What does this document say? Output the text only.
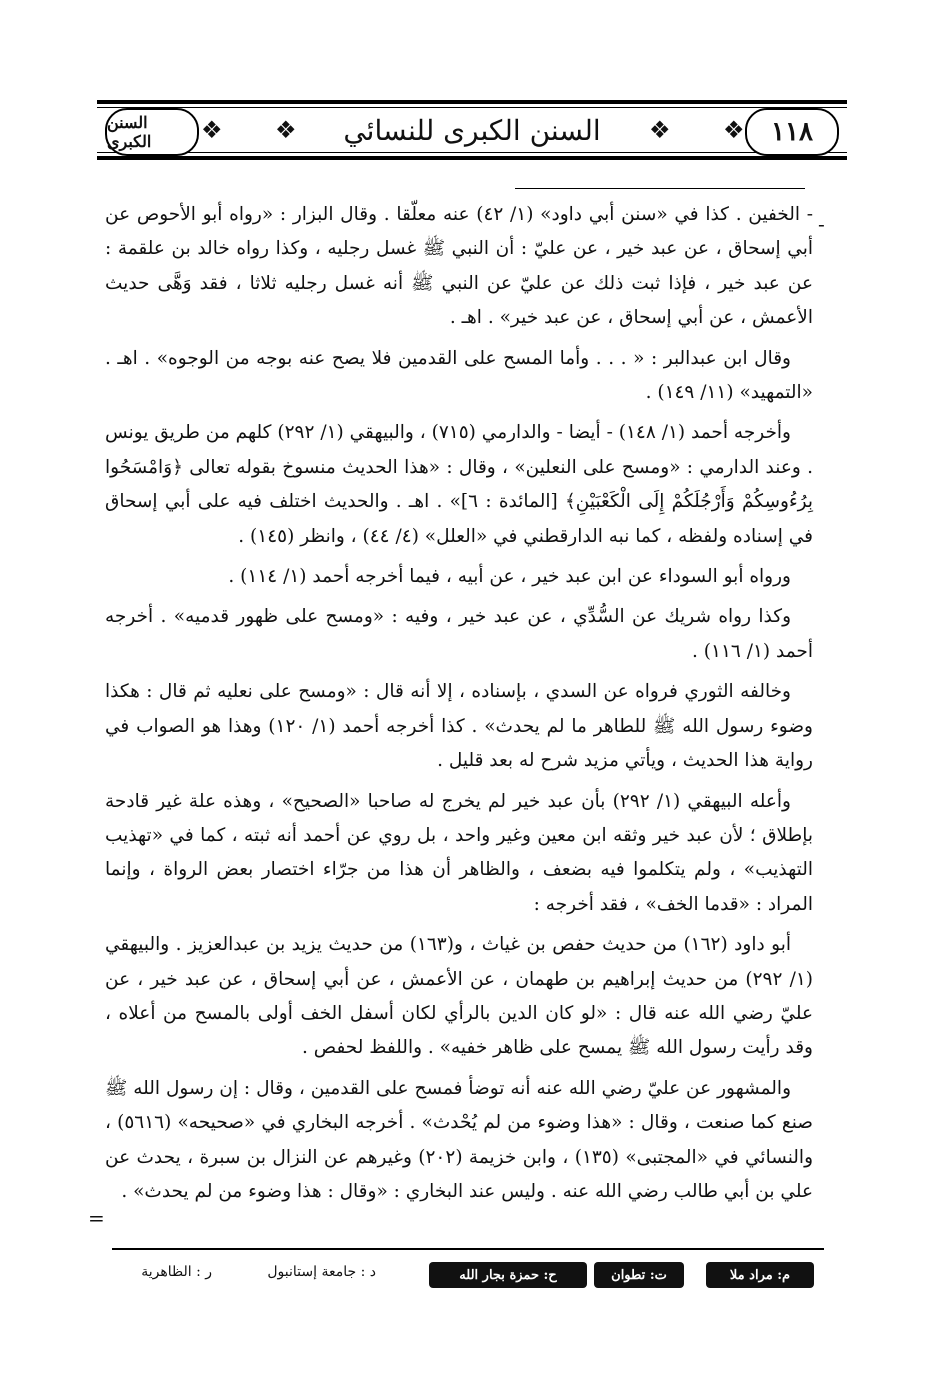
السنن الكبرى	❖ ❖	السنن الكبرى للنسائي	❖ ❖	١١٨
-

- الخفين . كذا في «سنن أبي داود» (١/ ٤٢) عنه معلّقا . وقال البزار : «رواه أبو الأحوص عن أبي إسحاق ، عن عبد خير ، عن عليّ : أن النبي ﷺ غسل رجليه ، وكذا رواه خالد بن علقمة : عن عبد خير ، فإذا ثبت ذلك عن عليّ عن النبي ﷺ أنه غسل رجليه ثلاثا ، فقد وَهَّى حديث الأعمش ، عن أبي إسحاق ، عن عبد خير» . اهـ .

وقال ابن عبدالبر : « . . . وأما المسح على القدمين فلا يصح عنه بوجه من الوجوه» . اهـ . «التمهيد» (١١/ ١٤٩) .

وأخرجه أحمد (١/ ١٤٨) - أيضا - والدارمي (٧١٥) ، والبيهقي (١/ ٢٩٢) كلهم من طريق يونس . وعند الدارمي : «ومسح على النعلين» ، وقال : «هذا الحديث منسوخ بقوله تعالى ﴿وَامْسَحُوا بِرُءُوسِكُمْ وَأَرْجُلَكُمْ إِلَى الْكَعْبَيْنِ﴾ [المائدة : ٦]» . اهـ . والحديث اختلف فيه على أبي إسحاق في إسناده ولفظه ، كما نبه الدارقطني في «العلل» (٤/ ٤٤) ، وانظر (١٤٥) .

ورواه أبو السوداء عن ابن عبد خير ، عن أبيه ، فيما أخرجه أحمد (١/ ١١٤) .

وكذا رواه شريك عن السُّدِّي ، عن عبد خير ، وفيه : «ومسح على ظهور قدميه» . أخرجه أحمد (١/ ١١٦) .

وخالفه الثوري فرواه عن السدي ، بإسناده ، إلا أنه قال : «ومسح على نعليه ثم قال : هكذا وضوء رسول الله ﷺ للطاهر ما لم يحدث» . كذا أخرجه أحمد (١/ ١٢٠) وهذا هو الصواب في رواية هذا الحديث ، ويأتي مزيد شرح له بعد قليل .

وأعله البيهقي (١/ ٢٩٢) بأن عبد خير لم يخرج له صاحبا «الصحيح» ، وهذه علة غير قادحة بإطلاق ؛ لأن عبد خير وثقه ابن معين وغير واحد ، بل روي عن أحمد أنه ثبته ، كما في «تهذيب التهذيب» ، ولم يتكلموا فيه بضعف ، والظاهر أن هذا من جرّاء اختصار بعض الرواة ، وإنما المراد : «قدما الخف» ، فقد أخرجه :

أبو داود (١٦٢) من حديث حفص بن غياث ، و(١٦٣) من حديث يزيد بن عبدالعزيز . والبيهقي (١/ ٢٩٢) من حديث إبراهيم بن طهمان ، عن الأعمش ، عن أبي إسحاق ، عن عبد خير ، عن عليّ رضي الله عنه قال : «لو كان الدين بالرأي لكان أسفل الخف أولى بالمسح من أعلاه ، وقد رأيت رسول الله ﷺ يمسح على ظاهر خفيه» . واللفظ لحفص .

والمشهور عن عليّ رضي الله عنه أنه توضأ فمسح على القدمين ، وقال : إن رسول الله ﷺ صنع كما صنعت ، وقال : «هذا وضوء من لم يُحْدث» . أخرجه البخاري في «صحيحه» (٥٦١٦) ، والنسائي في «المجتبى» (١٣٥) ، وابن خزيمة (٢٠٢) وغيرهم عن النزال بن سبرة ، يحدث عن علي بن أبي طالب رضي الله عنه . وليس عند البخاري : «وقال : هذا وضوء من لم يحدث» .

=
م: مراد ملا
ت: تطوان
ح: حمزة بجار الله
د : جامعة إستانبول
ر : الظاهرية
